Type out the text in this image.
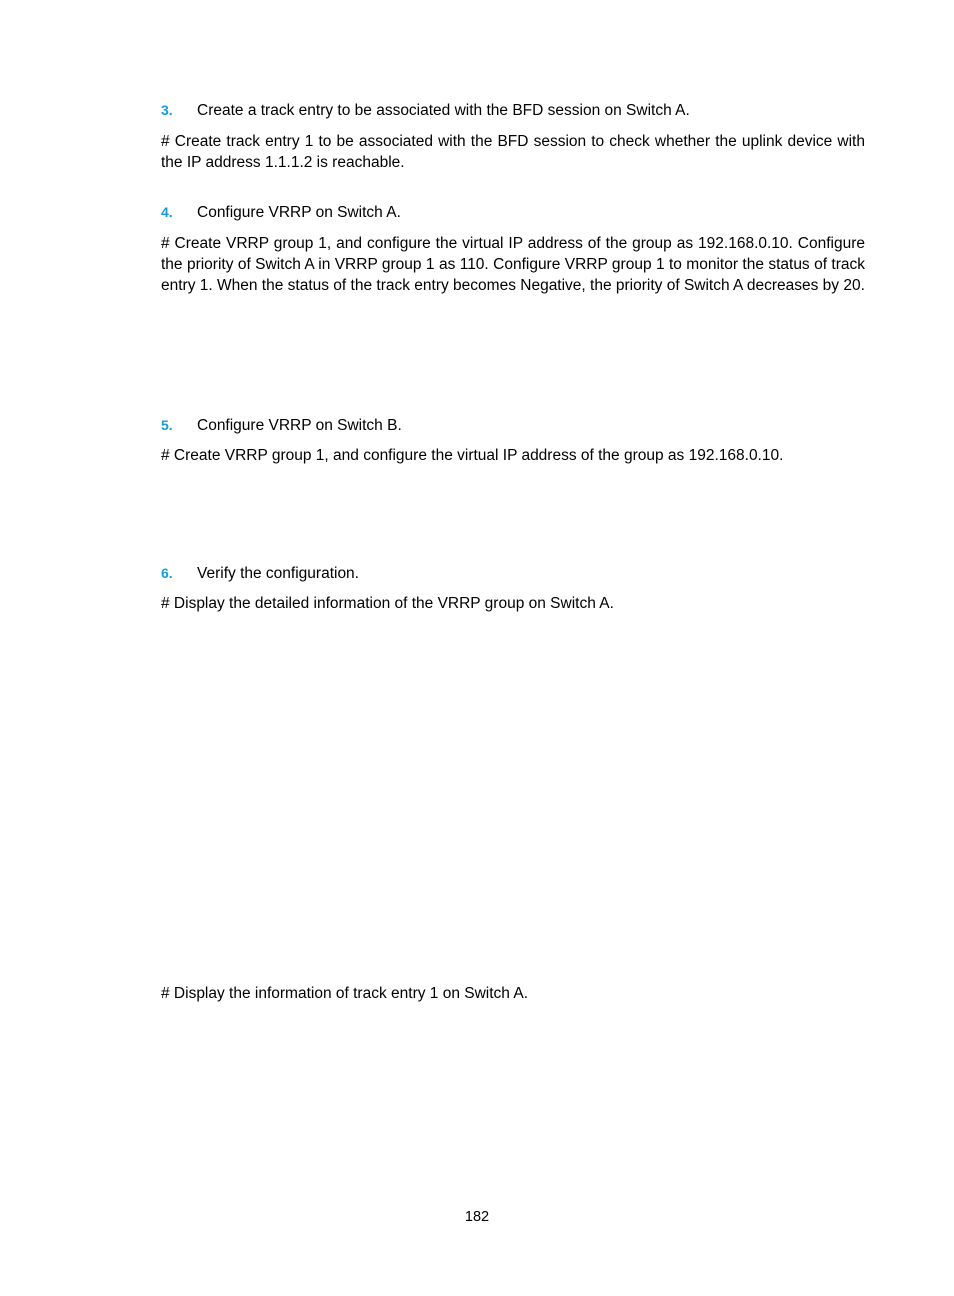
3. Create a track entry to be associated with the BFD session on Switch A.
# Create track entry 1 to be associated with the BFD session to check whether the uplink device with the IP address 1.1.1.2 is reachable.
4. Configure VRRP on Switch A.
# Create VRRP group 1, and configure the virtual IP address of the group as 192.168.0.10. Configure the priority of Switch A in VRRP group 1 as 110. Configure VRRP group 1 to monitor the status of track entry 1. When the status of the track entry becomes Negative, the priority of Switch A decreases by 20.
5. Configure VRRP on Switch B.
# Create VRRP group 1, and configure the virtual IP address of the group as 192.168.0.10.
6. Verify the configuration.
# Display the detailed information of the VRRP group on Switch A.
# Display the information of track entry 1 on Switch A.
182
